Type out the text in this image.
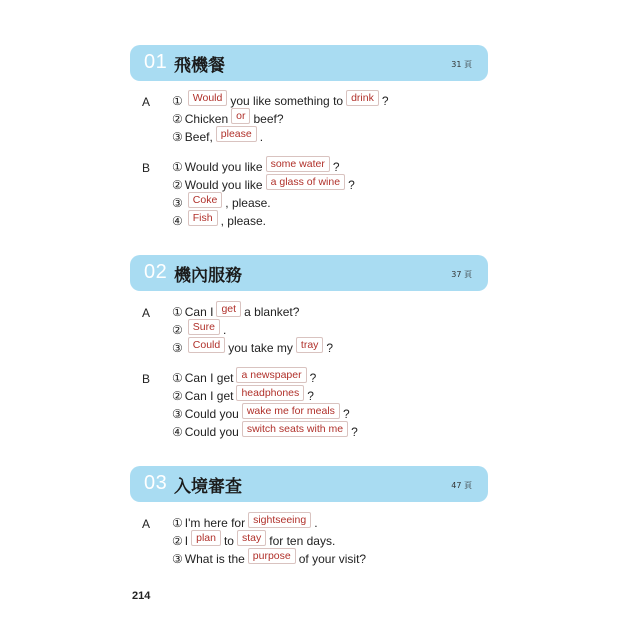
01 飛機餐	31 頁
A ① Would you like something to drink ?
② Chicken or beef?
③ Beef, please .
B ① Would you like some water ?
② Would you like a glass of wine ?
③ Coke , please.
④ Fish , please.
02 機內服務	37 頁
A ① Can I get a blanket?
② Sure .
③ Could you take my tray ?
B ① Can I get a newspaper ?
② Can I get headphones ?
③ Could you wake me for meals ?
④ Could you switch seats with me ?
03 入境審查	47 頁
A ① I'm here for sightseeing .
② I plan to stay for ten days.
③ What is the purpose of your visit?
214
